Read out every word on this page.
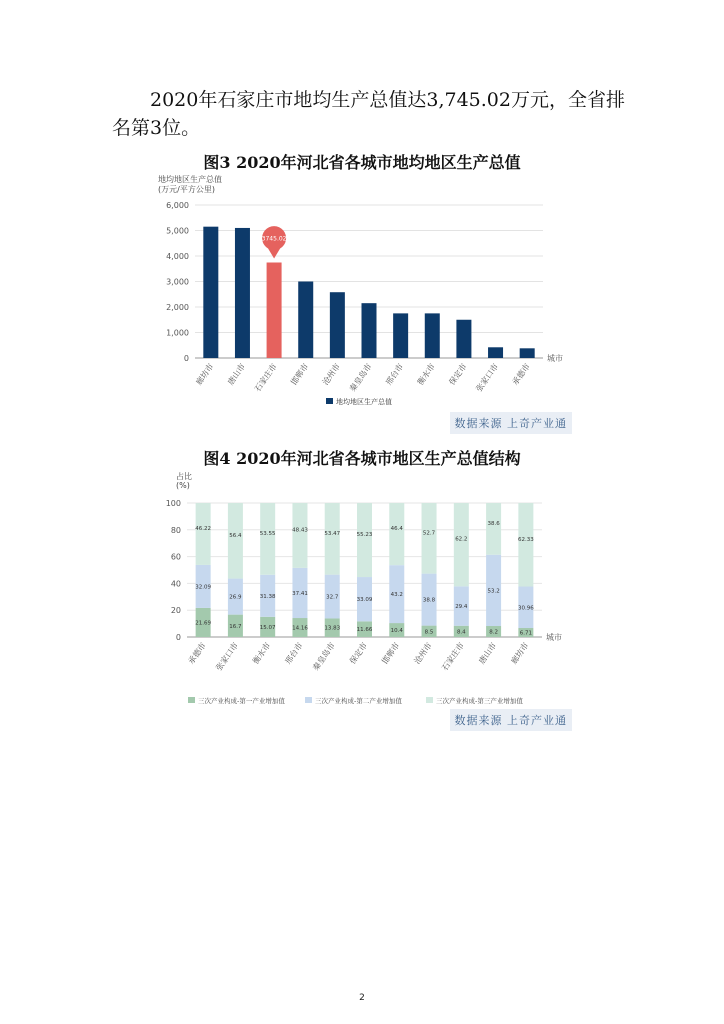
2020年石家庄市地均生产总值达3,745.02万元，全省排名第3位。

图3 2020年河北省各城市地均地区生产总值
地均地区生产总值
(万元/平方公里)
0
1,000
2,000
3,000
4,000
5,000
6,000
廊坊市 唐山市 石家庄市
3745.02
邯郸市 沧州市 秦皇岛市 邢台市 衡水市 保定市 张家口市 承德市
城市
地均地区生产总值
数据来源 上奇产业通
图4 2020年河北省各城市地区生产总值结构
占比
(%)
0
20
40
60
80
100
21.69
32.09
46.22
承德市
16.7
26.9
56.4
张家口市
15.07
31.38
53.55
衡水市
14.16
37.41
48.43
邢台市
13.83
32.7
53.47
秦皇岛市
11.66
33.09
55.23
保定市
10.4
43.2
46.4
邯郸市
8.5
38.8
52.7
沧州市
8.4
29.4
62.2
石家庄市
8.2
53.2
38.6
唐山市
6.71
30.96
62.33
廊坊市
城市
三次产业构成-第一产业增加值	三次产业构成-第二产业增加值	三次产业构成-第三产业增加值
数据来源 上奇产业通
2
